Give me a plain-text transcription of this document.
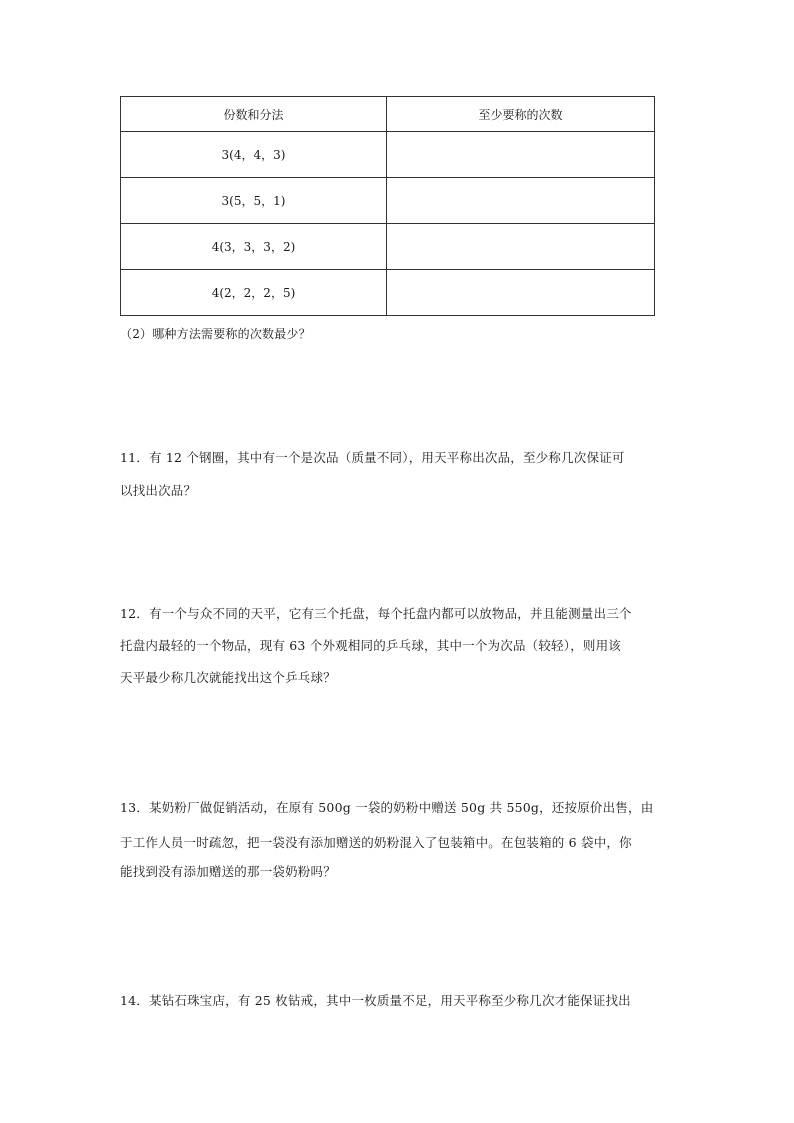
份数和分法	至少要称的次数
3(4，4，3)	
3(5，5，1)	
4(3，3，3，2)	
4(2，2，2，5)	
（2）哪种方法需要称的次数最少？
11．有 12 个钢圈，其中有一个是次品（质量不同），用天平称出次品，至少称几次保证可
以找出次品？
12．有一个与众不同的天平，它有三个托盘，每个托盘内都可以放物品，并且能测量出三个
托盘内最轻的一个物品，现有 63 个外观相同的乒乓球，其中一个为次品（较轻），则用该
天平最少称几次就能找出这个乒乓球？
13．某奶粉厂做促销活动，在原有 500g 一袋的奶粉中赠送 50g 共 550g，还按原价出售，由
于工作人员一时疏忽，把一袋没有添加赠送的奶粉混入了包装箱中。在包装箱的 6 袋中，你
能找到没有添加赠送的那一袋奶粉吗？
14．某钻石珠宝店，有 25 枚钻戒，其中一枚质量不足，用天平称至少称几次才能保证找出
